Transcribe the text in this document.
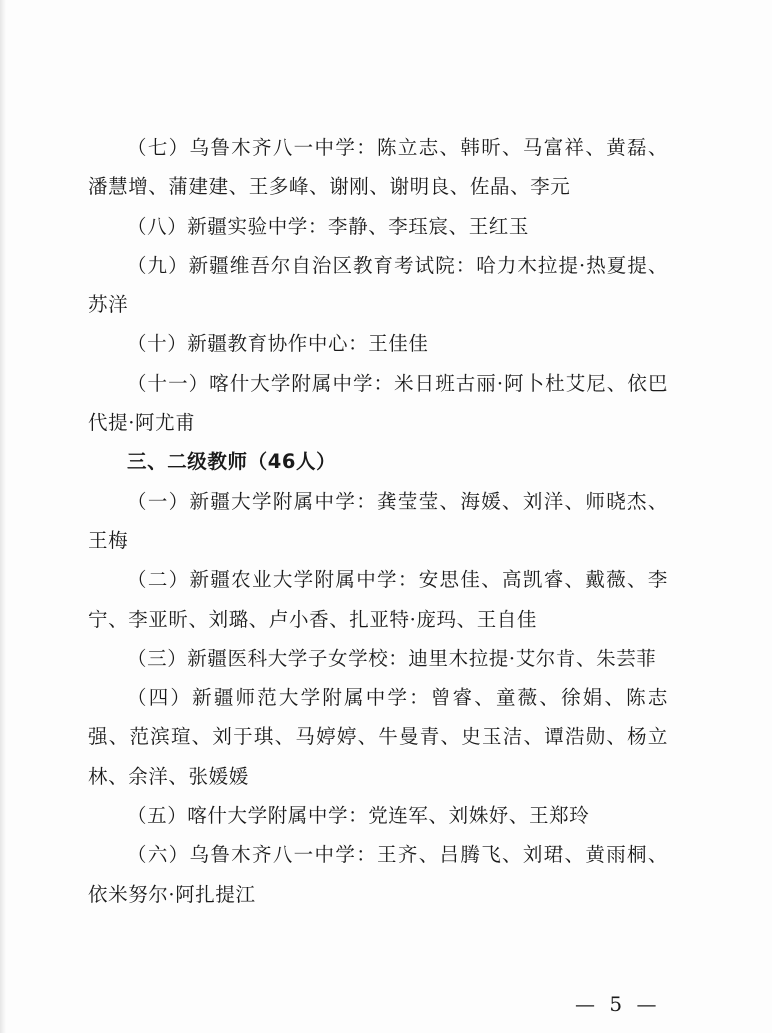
（七）乌鲁木齐八一中学：陈立志、韩昕、马富祥、黄磊、潘慧增、蒲建建、王多峰、谢刚、谢明良、佐晶、李元

（八）新疆实验中学：李静、李珏宸、王红玉

（九）新疆维吾尔自治区教育考试院：哈力木拉提·热夏提、苏洋

（十）新疆教育协作中心：王佳佳

（十一）喀什大学附属中学：米日班古丽·阿卜杜艾尼、依巴代提·阿尤甫

三、二级教师（46人）

（一）新疆大学附属中学：龚莹莹、海媛、刘洋、师晓杰、王梅

（二）新疆农业大学附属中学：安思佳、高凯睿、戴薇、李宁、李亚昕、刘璐、卢小香、扎亚特·庞玛、王自佳

（三）新疆医科大学子女学校：迪里木拉提·艾尔肯、朱芸菲

（四）新疆师范大学附属中学：曾睿、童薇、徐娟、陈志强、范滨瑄、刘于琪、马婷婷、牛曼青、史玉洁、谭浩勋、杨立林、余洋、张媛媛

（五）喀什大学附属中学：党连军、刘姝妤、王郑玲

（六）乌鲁木齐八一中学：王齐、吕腾飞、刘珺、黄雨桐、依米努尔·阿扎提江

— 5 —
